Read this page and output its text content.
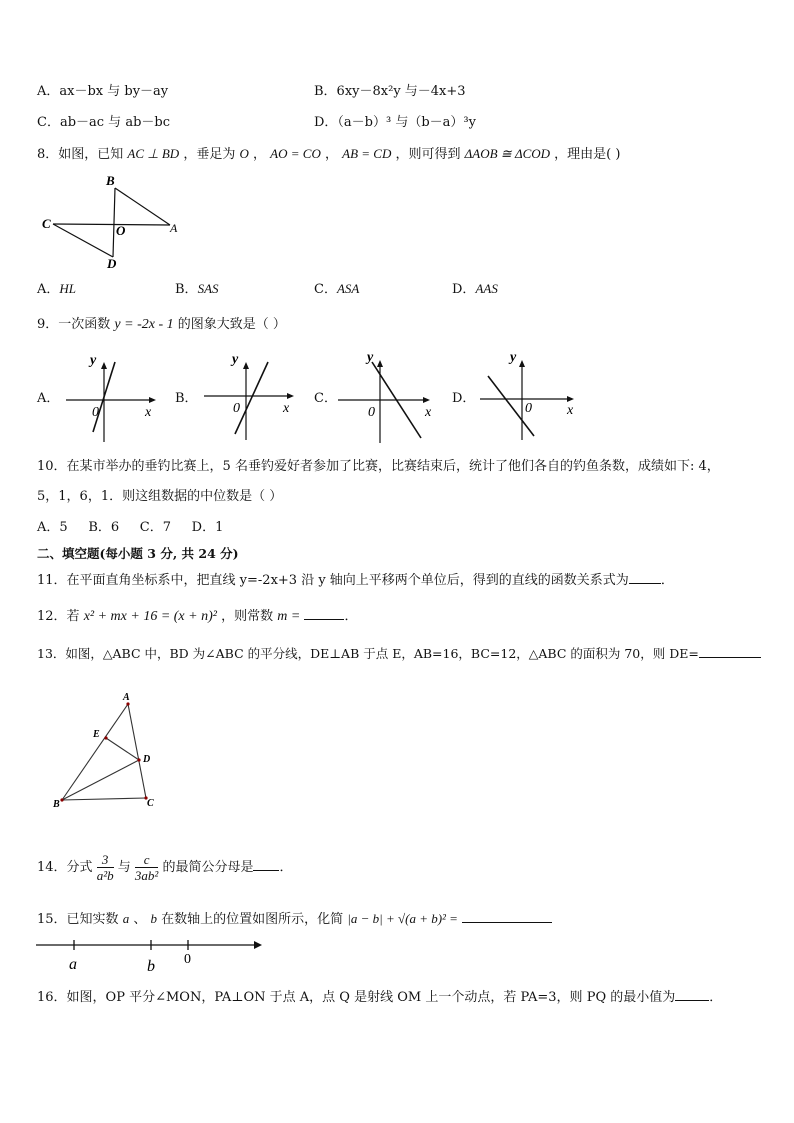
A．ax－bx 与 by－ay	B．6xy－8x²y 与－4x+3
C．ab－ac 与 ab－bc	D．（a－b）³ 与（b－a）³y
8．如图，已知 AC ⊥ BD ，垂足为 O ， AO = CO ， AB = CD ，则可得到 ΔAOB ≅ ΔCOD ，理由是( )
B
C	O	A
D
A．HL	B．SAS	C．ASA	D．AAS
9．一次函数 y = -2x - 1 的图象大致是（ ）
A．
y
x
0
B．
y
x
0
C．
y
x
0
D．
y
x
0
10．在某市举办的垂钓比赛上，5 名垂钓爱好者参加了比赛，比赛结束后，统计了他们各自的钓鱼条数，成绩如下: 4，
5，1，6，1．则这组数据的中位数是（ ）
A．5     B．6     C．7     D．1
二、填空题(每小题 3 分, 共 24 分)
11．在平面直角坐标系中，把直线 y=-2x+3 沿 y 轴向上平移两个单位后，得到的直线的函数关系式为 ．
12．若 x² + mx + 16 = (x + n)² ，则常数 m =	．
13．如图，△ABC 中，BD 为∠ABC 的平分线，DE⊥AB 于点 E，AB=16，BC=12，△ABC 的面积为 70，则 DE=
A
E
D
B	C
14．分式 $\frac{3}{\text{a²b}}$ 与 $\frac{c}{\text{3ab²}}$ 的最简公分母是 ．
15．已知实数 a 、 b 在数轴上的位置如图所示，化简 |a − b| + √(a + b)² =
a	b 0
16．如图，OP 平分∠MON，PA⊥ON 于点 A，点 Q 是射线 OM 上一个动点，若 PA=3，则 PQ 的最小值为	．
